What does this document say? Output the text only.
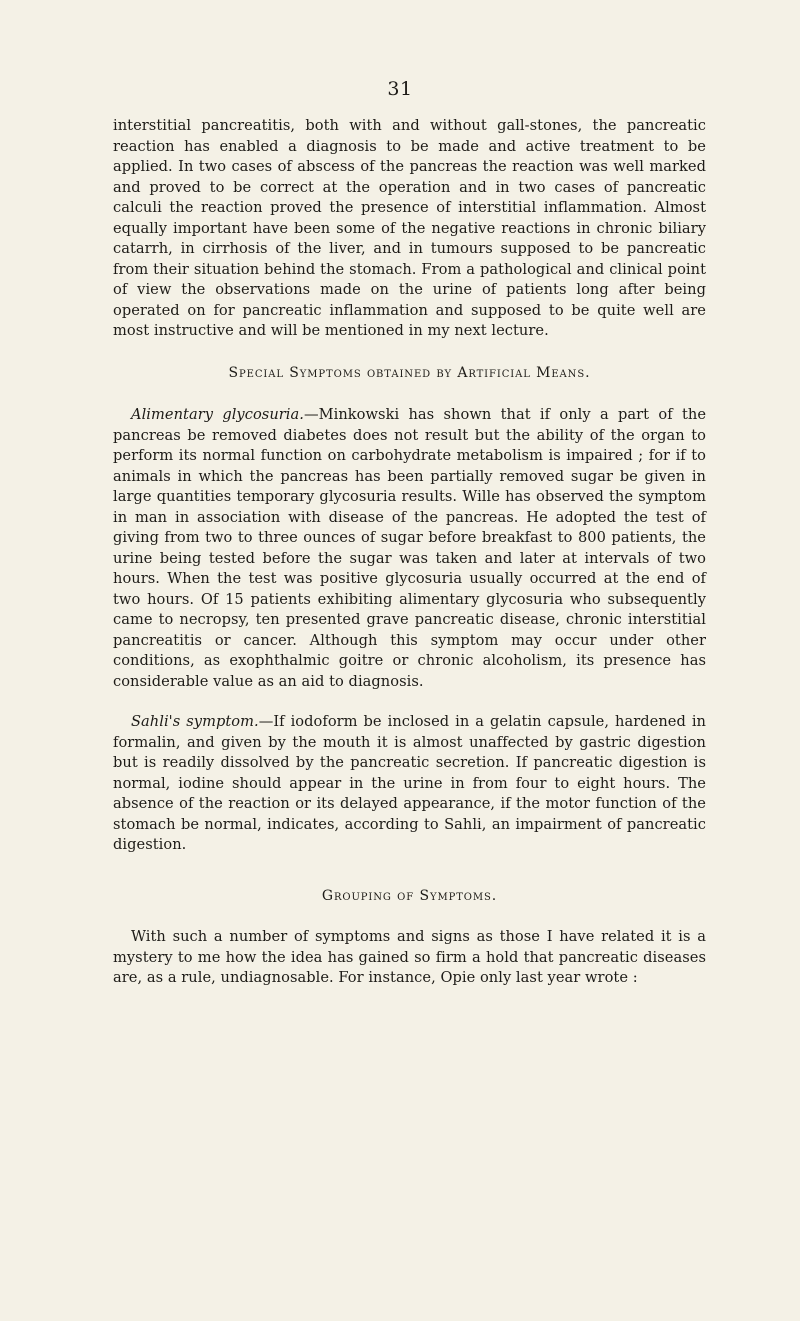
31

interstitial pancreatitis, both with and without gall-stones, the pancreatic reaction has enabled a diagnosis to be made and active treatment to be applied. In two cases of abscess of the pancreas the reaction was well marked and proved to be correct at the operation and in two cases of pancreatic calculi the reaction proved the presence of interstitial inflammation. Almost equally important have been some of the negative reactions in chronic biliary catarrh, in cirrhosis of the liver, and in tumours supposed to be pancreatic from their situation behind the stomach. From a pathological and clinical point of view the observations made on the urine of patients long after being operated on for pancreatic inflammation and supposed to be quite well are most instructive and will be mentioned in my next lecture.

Special Symptoms obtained by Artificial Means.

Alimentary glycosuria.—Minkowski has shown that if only a part of the pancreas be removed diabetes does not result but the ability of the organ to perform its normal function on carbohydrate metabolism is impaired ; for if to animals in which the pancreas has been partially removed sugar be given in large quantities temporary glycosuria results. Wille has observed the symptom in man in association with disease of the pancreas. He adopted the test of giving from two to three ounces of sugar before breakfast to 800 patients, the urine being tested before the sugar was taken and later at intervals of two hours. When the test was positive glycosuria usually occurred at the end of two hours. Of 15 patients exhibiting alimentary glycosuria who subsequently came to necropsy, ten presented grave pancreatic disease, chronic interstitial pancreatitis or cancer. Although this symptom may occur under other conditions, as exophthalmic goitre or chronic alcoholism, its presence has considerable value as an aid to diagnosis.

Sahli's symptom.—If iodoform be inclosed in a gelatin capsule, hardened in formalin, and given by the mouth it is almost unaffected by gastric digestion but is readily dissolved by the pancreatic secretion. If pancreatic digestion is normal, iodine should appear in the urine in from four to eight hours. The absence of the reaction or its delayed appearance, if the motor function of the stomach be normal, indicates, according to Sahli, an impairment of pancreatic digestion.

Grouping of Symptoms.

With such a number of symptoms and signs as those I have related it is a mystery to me how the idea has gained so firm a hold that pancreatic diseases are, as a rule, undiagnosable. For instance, Opie only last year wrote :
